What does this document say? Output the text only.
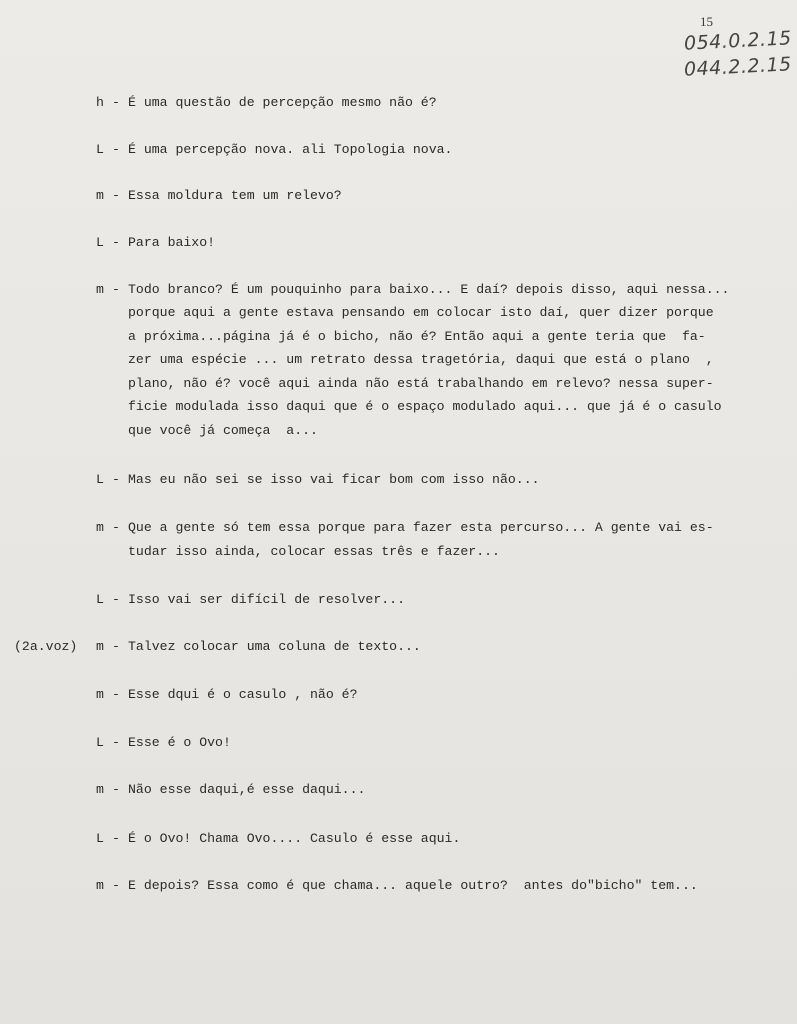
15
054.0.2.15
044.2.2.15
h - É uma questão de percepção mesmo não é?
L - É uma percepção nova. ali Topologia nova.
m - Essa moldura tem um relevo?
L - Para baixo!
m - Todo branco? É um pouquinho para baixo... E daí? depois disso, aqui nessa...
porque aqui a gente estava pensando em colocar isto daí, quer dizer porque
a próxima...página já é o bicho, não é? Então aqui a gente teria que  fa-
zer uma espécie ... um retrato dessa tragetória, daqui que está o plano  ,
plano, não é? você aqui ainda não está trabalhando em relevo? nessa super-
ficie modulada isso daqui que é o espaço modulado aqui... que já é o casulo
que você já começa  a...
L - Mas eu não sei se isso vai ficar bom com isso não...
m - Que a gente só tem essa porque para fazer esta percurso... A gente vai es-
tudar isso ainda, colocar essas três e fazer...
L - Isso vai ser difícil de resolver...
(2a.voz) m - Talvez colocar uma coluna de texto...
m - Esse dqui é o casulo , não é?
L - Esse é o Ovo!
m - Não esse daqui,é esse daqui...
L - É o Ovo! Chama Ovo.... Casulo é esse aqui.
m - E depois? Essa como é que chama... aquele outro?  antes do"bicho" tem...
